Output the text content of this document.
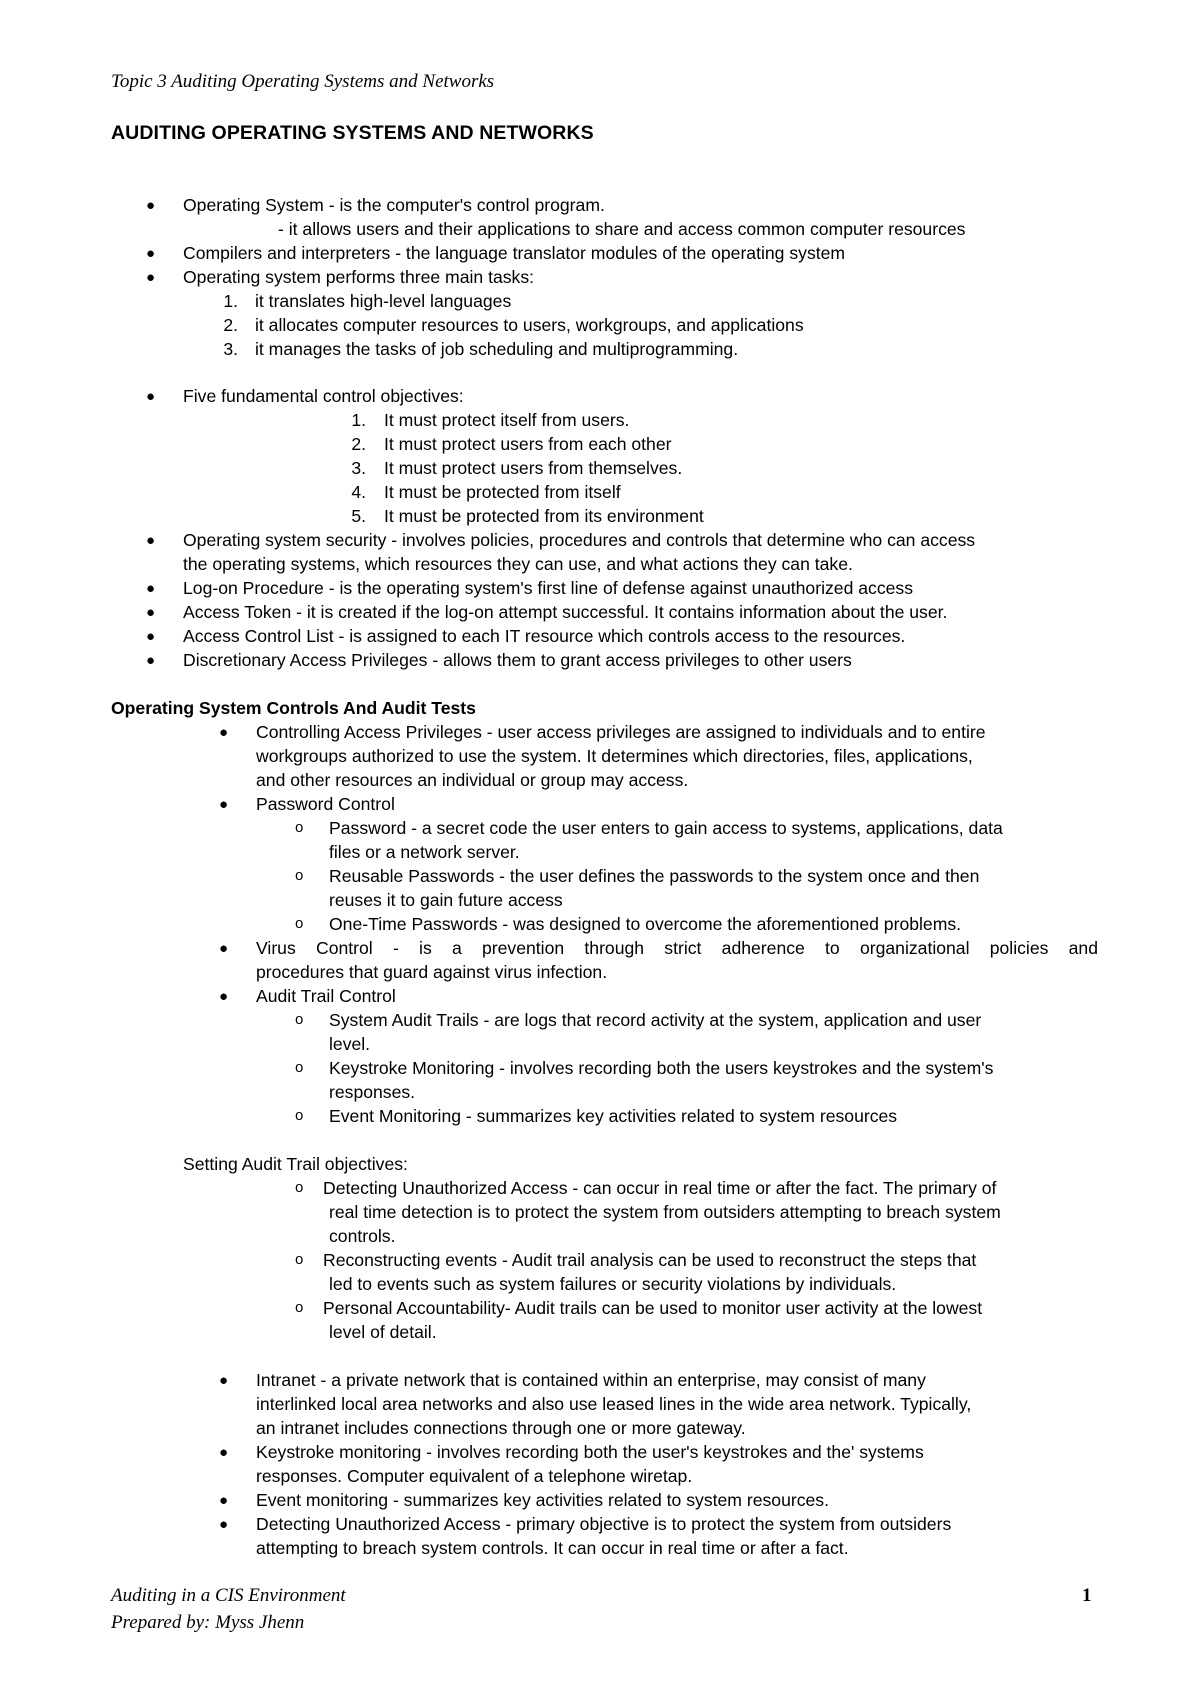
Topic 3 Auditing Operating Systems and Networks
AUDITING OPERATING SYSTEMS AND NETWORKS
● Operating System - is the computer's control program.
- it allows users and their applications to share and access common computer resources
● Compilers and interpreters - the language translator modules of the operating system
● Operating system performs three main tasks:
1. it translates high-level languages
2. it allocates computer resources to users, workgroups, and applications
3. it manages the tasks of job scheduling and multiprogramming.
● Five fundamental control objectives:
1. It must protect itself from users.
2. It must protect users from each other
3. It must protect users from themselves.
4. It must be protected from itself
5. It must be protected from its environment
● Operating system security - involves policies, procedures and controls that determine who can access
the operating systems, which resources they can use, and what actions they can take.
● Log-on Procedure - is the operating system's first line of defense against unauthorized access
● Access Token - it is created if the log-on attempt successful. It contains information about the user.
● Access Control List - is assigned to each IT resource which controls access to the resources.
● Discretionary Access Privileges - allows them to grant access privileges to other users
Operating System Controls And Audit Tests
● Controlling Access Privileges - user access privileges are assigned to individuals and to entire
workgroups authorized to use the system. It determines which directories, files, applications,
and other resources an individual or group may access.
● Password Control
o Password - a secret code the user enters to gain access to systems, applications, data
files or a network server.
o Reusable Passwords - the user defines the passwords to the system once and then
reuses it to gain future access
o One-Time Passwords - was designed to overcome the aforementioned problems.
● Virus Control - is a prevention through strict adherence to organizational policies and
procedures that guard against virus infection.
● Audit Trail Control
o System Audit Trails - are logs that record activity at the system, application and user
level.
o Keystroke Monitoring - involves recording both the users keystrokes and the system's
responses.
o Event Monitoring - summarizes key activities related to system resources
Setting Audit Trail objectives:
o Detecting Unauthorized Access - can occur in real time or after the fact. The primary of
real time detection is to protect the system from outsiders attempting to breach system
controls.
o Reconstructing events - Audit trail analysis can be used to reconstruct the steps that
led to events such as system failures or security violations by individuals.
o Personal Accountability- Audit trails can be used to monitor user activity at the lowest
level of detail.
● Intranet - a private network that is contained within an enterprise, may consist of many
interlinked local area networks and also use leased lines in the wide area network. Typically,
an intranet includes connections through one or more gateway.
● Keystroke monitoring - involves recording both the user's keystrokes and the' systems
responses. Computer equivalent of a telephone wiretap.
● Event monitoring - summarizes key activities related to system resources.
● Detecting Unauthorized Access - primary objective is to protect the system from outsiders
attempting to breach system controls. It can occur in real time or after a fact.
Auditing in a CIS Environment
Prepared by: Myss Jhenn
1
